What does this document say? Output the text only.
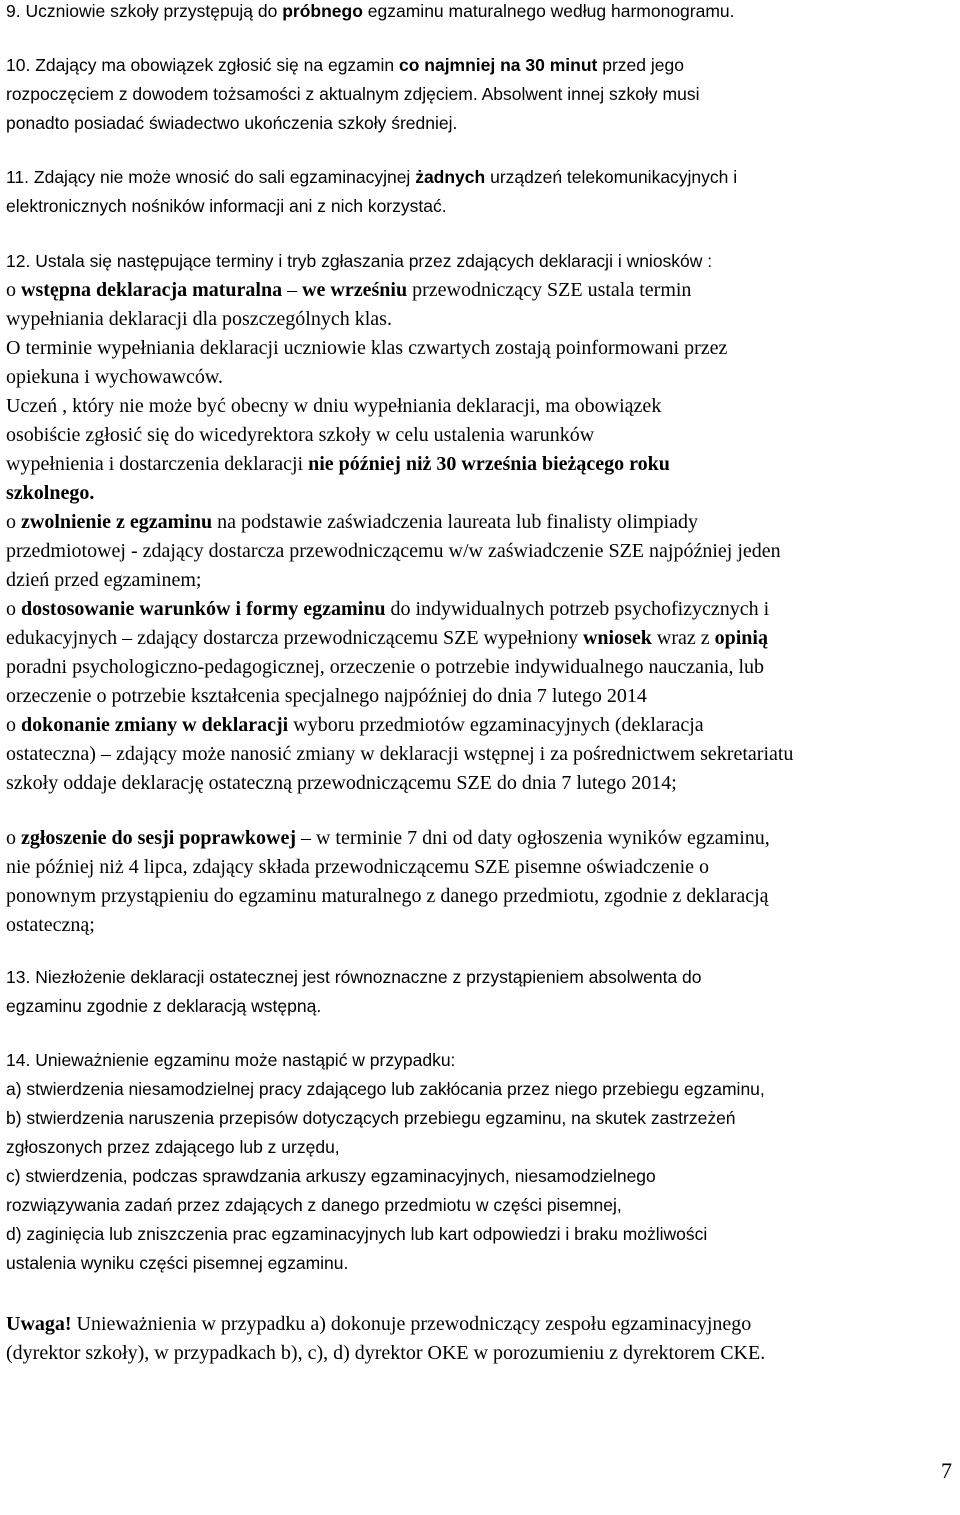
9. Uczniowie szkoły przystępują do próbnego egzaminu maturalnego według harmonogramu.
10. Zdający ma obowiązek zgłosić się na egzamin co najmniej na 30 minut przed jego
rozpoczęciem z dowodem tożsamości z aktualnym zdjęciem. Absolwent innej szkoły musi
ponadto posiadać świadectwo ukończenia szkoły średniej.
11. Zdający nie może wnosić do sali egzaminacyjnej żadnych urządzeń telekomunikacyjnych i
elektronicznych nośników informacji ani z nich korzystać.
12. Ustala się następujące terminy i tryb zgłaszania przez zdających deklaracji i wniosków :
o wstępna deklaracja maturalna – we wrześniu przewodniczący SZE ustala termin
wypełniania deklaracji dla poszczególnych klas.
O terminie wypełniania deklaracji uczniowie klas czwartych zostają poinformowani przez
opiekuna i wychowawców.
Uczeń , który nie może być obecny w dniu wypełniania deklaracji, ma obowiązek
osobiście zgłosić się do wicedyrektora szkoły w celu ustalenia warunków
wypełnienia i dostarczenia deklaracji nie później niż 30 września bieżącego roku
szkolnego.
o zwolnienie z egzaminu na podstawie zaświadczenia laureata lub finalisty olimpiady
przedmiotowej - zdający dostarcza przewodniczącemu w/w zaświadczenie SZE najpóźniej jeden
dzień przed egzaminem;
o dostosowanie warunków i formy egzaminu do indywidualnych potrzeb psychofizycznych i
edukacyjnych – zdający dostarcza przewodniczącemu SZE wypełniony wniosek wraz z opinią
poradni psychologiczno-pedagogicznej, orzeczenie o potrzebie indywidualnego nauczania, lub
orzeczenie o potrzebie kształcenia specjalnego najpóźniej do dnia 7 lutego 2014
o dokonanie zmiany w deklaracji wyboru przedmiotów egzaminacyjnych (deklaracja
ostateczna) – zdający może nanosić zmiany w deklaracji wstępnej i za pośrednictwem sekretariatu
szkoły oddaje deklarację ostateczną przewodniczącemu SZE do dnia 7 lutego 2014;
o zgłoszenie do sesji poprawkowej – w terminie 7 dni od daty ogłoszenia wyników egzaminu,
nie później niż 4 lipca, zdający składa przewodniczącemu SZE pisemne oświadczenie o
ponownym przystąpieniu do egzaminu maturalnego z danego przedmiotu, zgodnie z deklaracją
ostateczną;
13. Niezłożenie deklaracji ostatecznej jest równoznaczne z przystąpieniem absolwenta do
egzaminu zgodnie z deklaracją wstępną.
14. Unieważnienie egzaminu może nastąpić w przypadku:
a) stwierdzenia niesamodzielnej pracy zdającego lub zakłócania przez niego przebiegu egzaminu,
b) stwierdzenia naruszenia przepisów dotyczących przebiegu egzaminu, na skutek zastrzeżeń
zgłoszonych przez zdającego lub z urzędu,
c) stwierdzenia, podczas sprawdzania arkuszy egzaminacyjnych, niesamodzielnego
rozwiązywania zadań przez zdających z danego przedmiotu w części pisemnej,
d) zaginięcia lub zniszczenia prac egzaminacyjnych lub kart odpowiedzi i braku możliwości
ustalenia wyniku części pisemnej egzaminu.
Uwaga! Unieważnienia w przypadku a) dokonuje przewodniczący zespołu egzaminacyjnego
(dyrektor szkoły), w przypadkach b), c), d) dyrektor OKE w porozumieniu z dyrektorem CKE.
7
